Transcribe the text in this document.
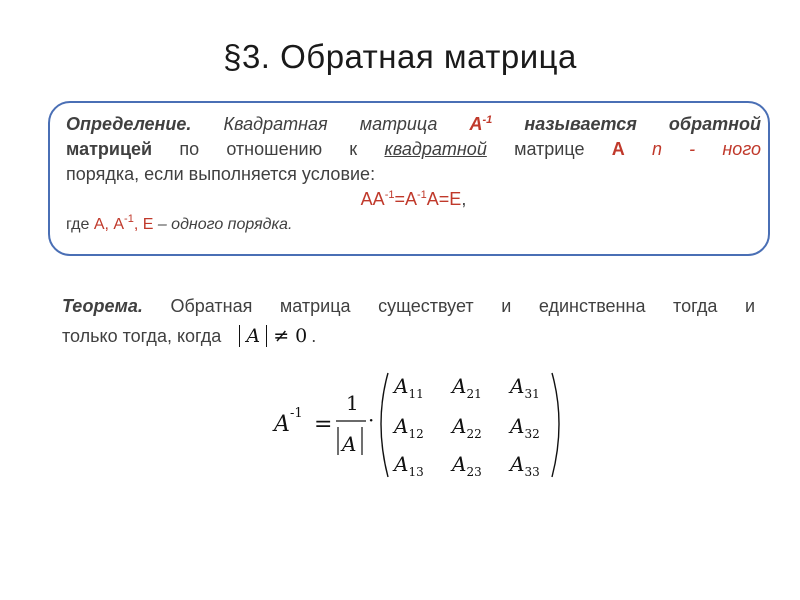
§3. Обратная матрица
Определение. Квадратная матрица $А^{-1}$ называется обратной
матрицей по отношению к квадратной матрице А n - ного
порядка, если выполняется условие:
$АА^{-1}=А^{-1}А=Е$,
где А, $А^{-1}$, Е – одного порядка.
Теорема. Обратная матрица существует и единственна тогда и
только тогда, когда A ≠ 0 .
A -1 =
1
A
·
$A_{11}$ $A_{21}$ $A_{31}$
$A_{12}$ $A_{22}$ $A_{32}$
$A_{13}$ $A_{23}$ $A_{33}$
